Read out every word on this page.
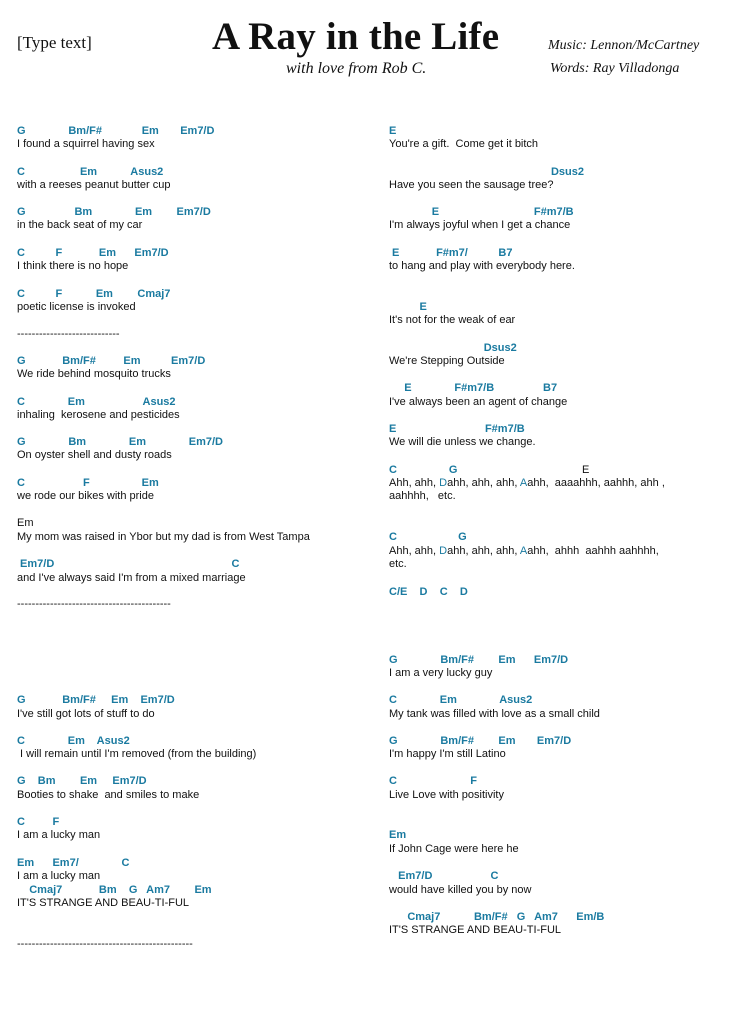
[Type text]	A Ray in the Life
with love from Rob C.
Music: Lennon/McCartney
Words: Ray Villadonga
G              Bm/F#             Em       Em7/D
I found a squirrel having sex
C                  Em           Asus2
with a reeses peanut butter cup
G                Bm              Em        Em7/D
in the back seat of my car
C          F            Em      Em7/D
I think there is no hope
C          F           Em        Cmaj7
poetic license is invoked
----------------------------
G            Bm/F#         Em          Em7/D
We ride behind mosquito trucks
C              Em                   Asus2
inhaling  kerosene and pesticides
G              Bm              Em              Em7/D
On oyster shell and dusty roads
C                   F                 Em
we rode our bikes with pride
Em
My mom was raised in Ybor but my dad is from West Tampa
Em7/D                                                          C
and I've always said I'm from a mixed marriage
------------------------------------------
G            Bm/F#     Em    Em7/D
I've still got lots of stuff to do
C              Em    Asus2
I will remain until I'm removed (from the building)
G    Bm        Em     Em7/D
Booties to shake  and smiles to make
C         F
I am a lucky man
Em      Em7/              C
I am a lucky man
Cmaj7            Bm    G   Am7        Em
IT'S STRANGE AND BEAU-TI-FUL
------------------------------------------------
E
You're a gift.  Come get it bitch
Dsus2
Have you seen the sausage tree?
E                               F#m7/B
I'm always joyful when I get a chance
E            F#m7/          B7
to hang and play with everybody here.
E
It's not for the weak of ear
Dsus2
We're Stepping Outside
E              F#m7/B                B7
I've always been an agent of change
E                             F#m7/B
We will die unless we change.
C                 G	E
Ahh, ahh, Dahh, ahh, ahh, Aahh,  aaaahhh, aahhh, ahh ,
aahhhh,   etc.
C                    G
Ahh, ahh, Dahh, ahh, ahh, Aahh,  ahhh  aahhh aahhhh,
etc.
C/E    D    C    D
G              Bm/F#        Em      Em7/D
I am a very lucky guy
C              Em              Asus2
My tank was filled with love as a small child
G              Bm/F#        Em       Em7/D
I'm happy I'm still Latino
C                        F
Live Love with positivity
Em
If John Cage were here he
Em7/D                   C
would have killed you by now
Cmaj7           Bm/F#   G   Am7      Em/B
IT'S STRANGE AND BEAU-TI-FUL
